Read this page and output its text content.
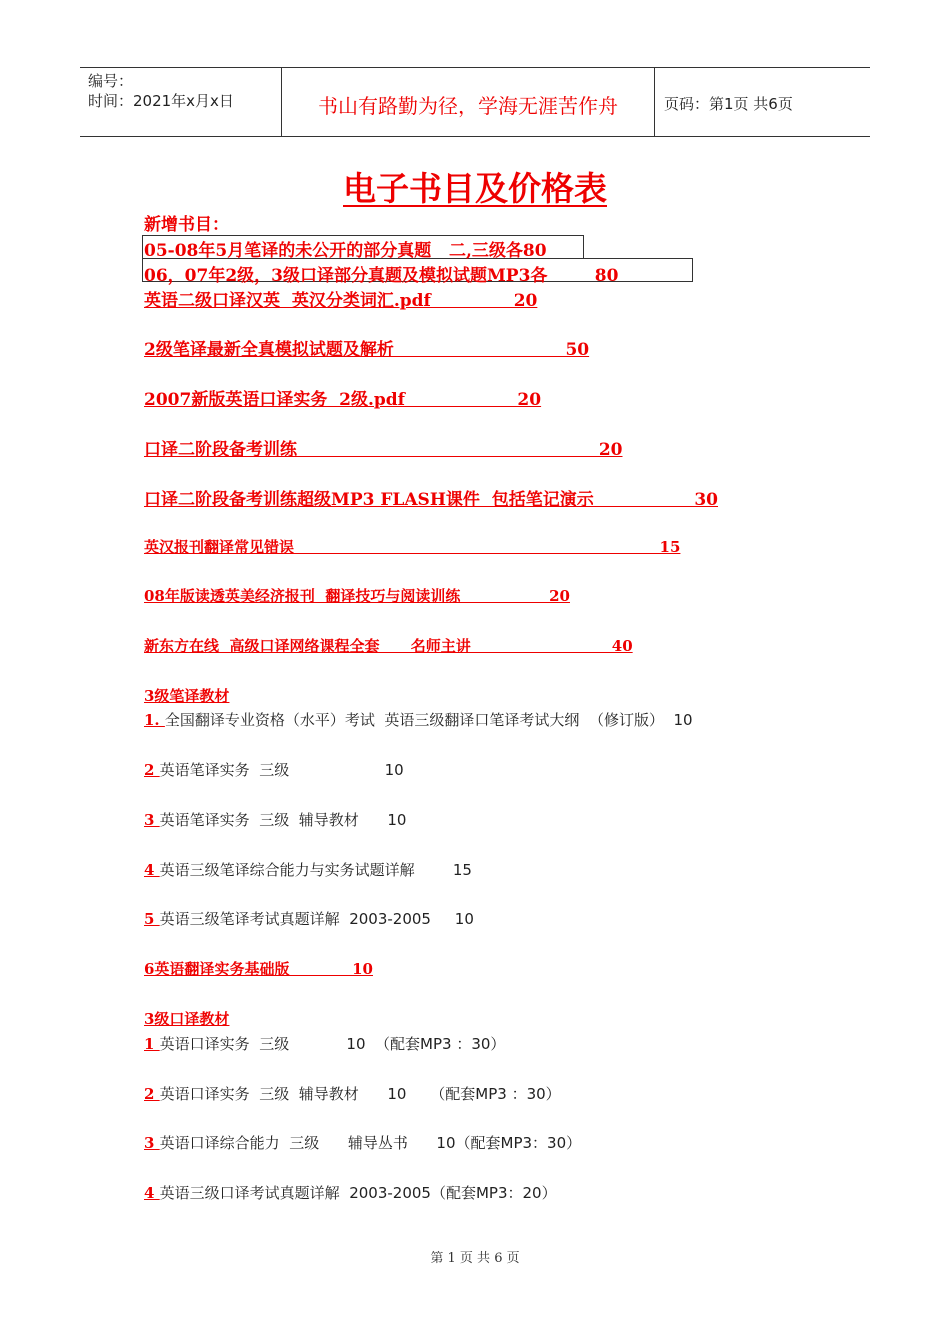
编号：
时间：2021年x月x日	书山有路勤为径，学海无涯苦作舟	页码：第1页 共6页
电子书目及价格表
新增书目：
05-08年5月笔译的未公开的部分真题   二,三级各80
06，07年2级，3级口译部分真题及模拟试题MP3各        80
英语二级口译汉英  英汉分类词汇.pdf              20
2级笔译最新全真模拟试题及解析                             50
2007新版英语口译实务  2级.pdf                   20
口译二阶段备考训练                                                   20
口译二阶段备考训练超级MP3 FLASH课件  包括笔记演示                 30
英汉报刊翻译常见错误                                                                      15
08年版读透英美经济报刊  翻译技巧与阅读训练                 20
新东方在线  高级口译网络课程全套      名师主讲                           40
3级笔译教材
1. 全国翻译专业资格（水平）考试  英语三级翻译口笔译考试大纲  （修订版）  10
2 英语笔译实务  三级                    10
3 英语笔译实务  三级  辅导教材      10
4 英语三级笔译综合能力与实务试题详解        15
5 英语三级笔译考试真题详解  2003-2005     10
6英语翻译实务基础版            10
3级口译教材
1 英语口译实务  三级            10  （配套MP3 ：30）
2 英语口译实务  三级  辅导教材      10     （配套MP3 ：30）
3 英语口译综合能力  三级      辅导丛书      10（配套MP3：30）
4 英语三级口译考试真题详解  2003-2005（配套MP3：20）
第 1 页 共 6 页
